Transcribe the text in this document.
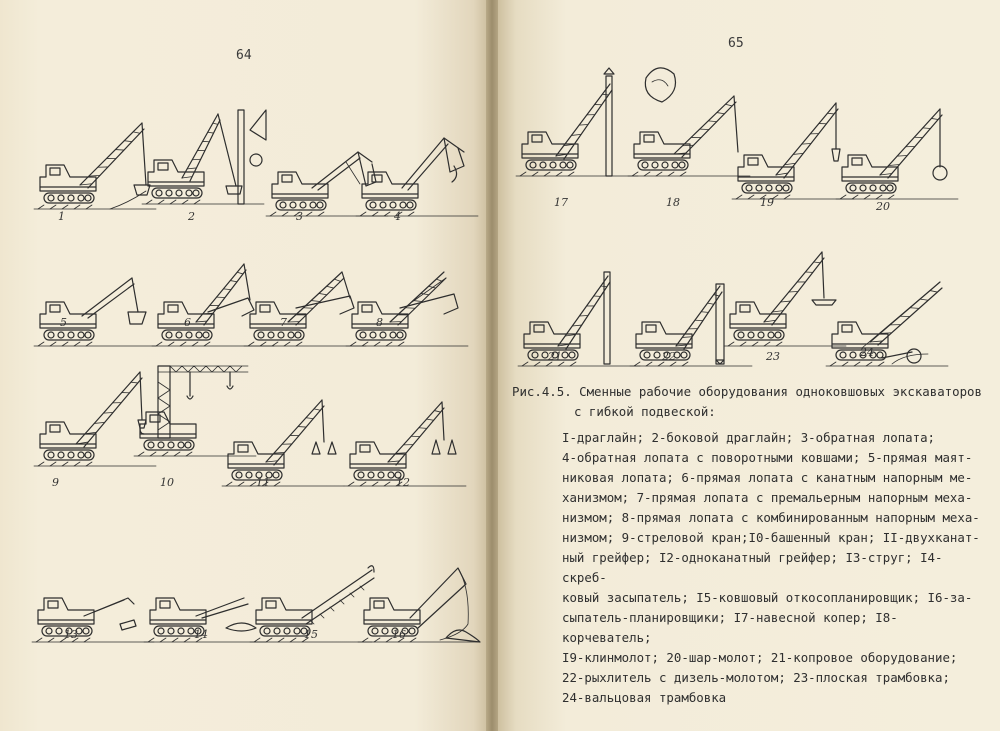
64
65
1	2	3	4
5	6	7	8
9	10	11	12
13	14	15	16
17	18	19	20
21	22	23	24
Рис.4.5. Сменные рабочие оборудования одноковшовых экскаваторов
с гибкой подвеской:
I-драглайн; 2-боковой драглайн; 3-обратная лопата;
4-обратная лопата с поворотными ковшами; 5-прямая маят-
никовая лопата; 6-прямая лопата с канатным напорным ме-
ханизмом; 7-прямая лопата с премальерным напорным меха-
низмом; 8-прямая лопата с комбинированным напорным меха-
низмом; 9-стреловой кран;I0-башенный кран; II-двухканат-
ный грейфер; I2-одноканатный грейфер; I3-струг; I4-скреб-
ковый засыпатель; I5-ковшовый откосопланировщик; I6-за-
сыпатель-планировщики; I7-навесной копер; I8-корчеватель;
I9-клинмолот; 20-шар-молот; 21-копровое оборудование;
22-рыхлитель с дизель-молотом; 23-плоская трамбовка;
24-вальцовая трамбовка
